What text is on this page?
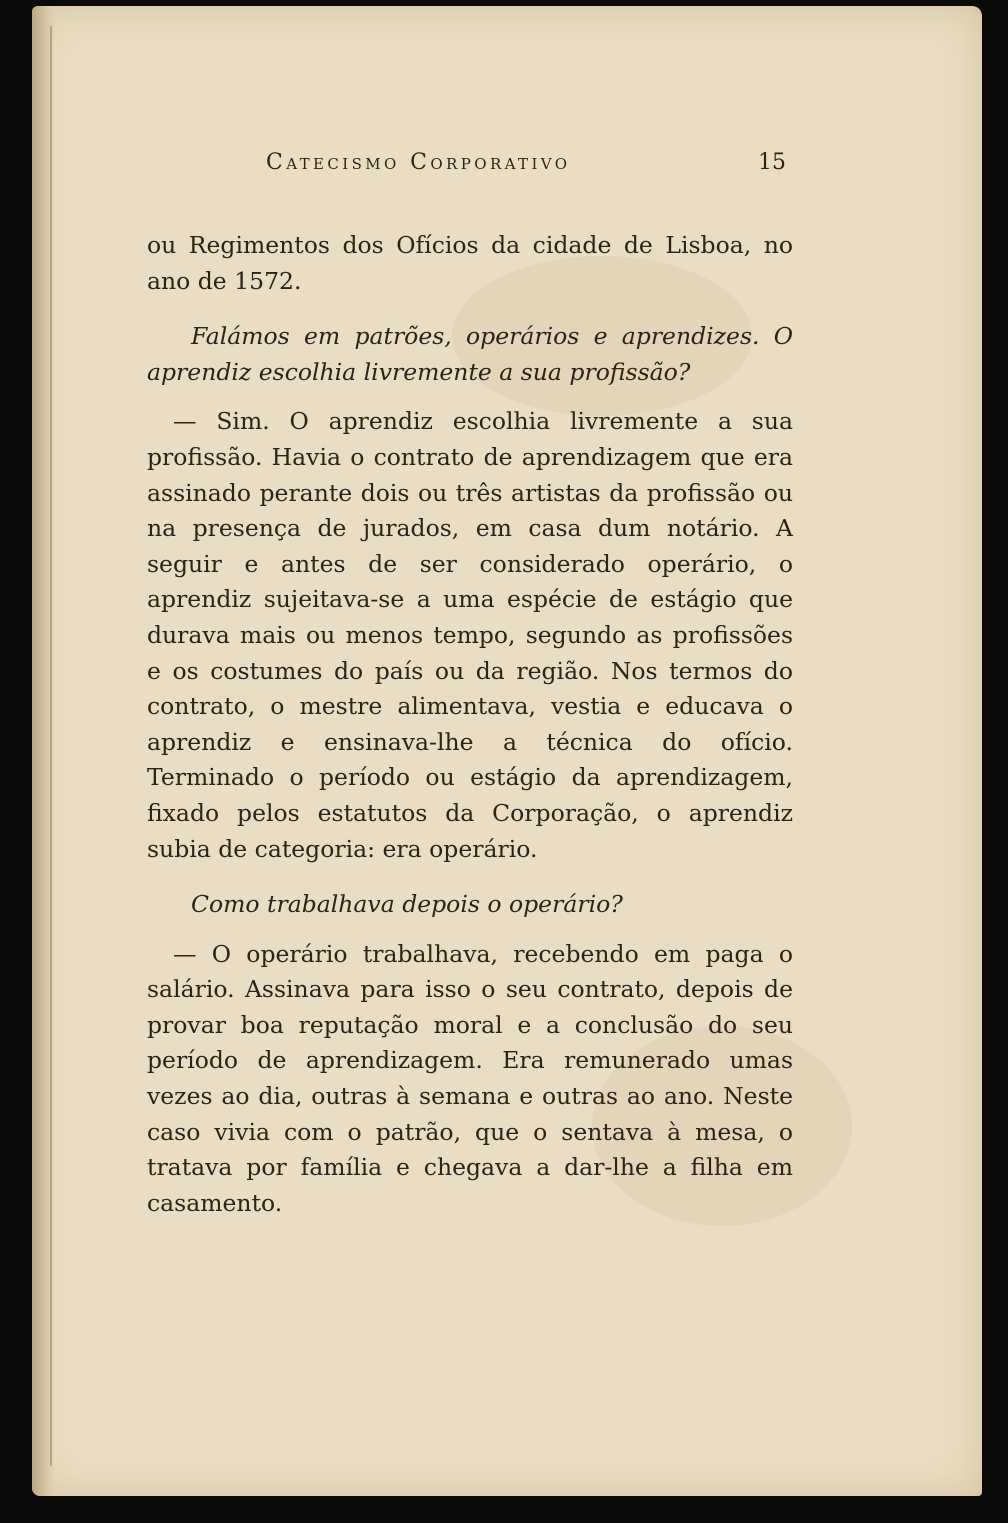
Catecismo Corporativo	15

ou Regimentos dos Ofícios da cidade de Lisboa, no ano de 1572.

Falámos em patrões, operários e aprendizes. O aprendiz escolhia livremente a sua profissão?

— Sim. O aprendiz escolhia livremente a sua profissão. Havia o contrato de aprendizagem que era assinado perante dois ou três artistas da profissão ou na presença de jurados, em casa dum notário. A seguir e antes de ser considerado operário, o aprendiz sujeitava-se a uma espécie de estágio que durava mais ou menos tempo, segundo as profissões e os costumes do país ou da região. Nos termos do contrato, o mestre alimentava, vestia e educava o aprendiz e ensinava-lhe a técnica do ofício. Terminado o período ou estágio da aprendizagem, fixado pelos estatutos da Corporação, o aprendiz subia de categoria: era operário.

Como trabalhava depois o operário?

— O operário trabalhava, recebendo em paga o salário. Assinava para isso o seu contrato, depois de provar boa reputação moral e a conclusão do seu período de aprendizagem. Era remunerado umas vezes ao dia, outras à semana e outras ao ano. Neste caso vivia com o patrão, que o sentava à mesa, o tratava por família e chegava a dar-lhe a filha em casamento.
